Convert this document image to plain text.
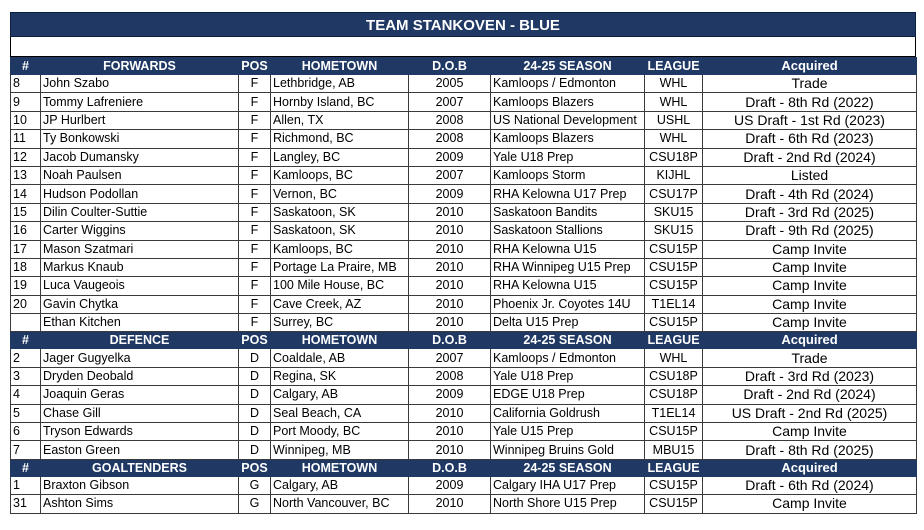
TEAM STANKOVEN - BLUE
#	FORWARDS	POS	HOMETOWN	D.O.B	24-25 SEASON	LEAGUE	Acquired
8	John Szabo	F	Lethbridge, AB	2005	Kamloops / Edmonton	WHL	Trade
9	Tommy Lafreniere	F	Hornby Island, BC	2007	Kamloops Blazers	WHL	Draft - 8th Rd (2022)
10	JP Hurlbert	F	Allen, TX	2008	US National Development	USHL	US Draft - 1st Rd (2023)
11	Ty Bonkowski	F	Richmond, BC	2008	Kamloops Blazers	WHL	Draft - 6th Rd (2023)
12	Jacob Dumansky	F	Langley, BC	2009	Yale U18 Prep	CSU18P	Draft - 2nd Rd (2024)
13	Noah Paulsen	F	Kamloops, BC	2007	Kamloops Storm	KIJHL	Listed
14	Hudson Podollan	F	Vernon, BC	2009	RHA Kelowna U17 Prep	CSU17P	Draft - 4th Rd (2024)
15	Dilin Coulter-Suttie	F	Saskatoon, SK	2010	Saskatoon Bandits	SKU15	Draft - 3rd Rd (2025)
16	Carter Wiggins	F	Saskatoon, SK	2010	Saskatoon Stallions	SKU15	Draft - 9th Rd (2025)
17	Mason Szatmari	F	Kamloops, BC	2010	RHA Kelowna U15	CSU15P	Camp Invite
18	Markus Knaub	F	Portage La Praire, MB	2010	RHA Winnipeg U15 Prep	CSU15P	Camp Invite
19	Luca Vaugeois	F	100 Mile House, BC	2010	RHA Kelowna U15	CSU15P	Camp Invite
20	Gavin Chytka	F	Cave Creek, AZ	2010	Phoenix Jr. Coyotes 14U	T1EL14	Camp Invite
	Ethan Kitchen	F	Surrey, BC	2010	Delta U15 Prep	CSU15P	Camp Invite
#	DEFENCE	POS	HOMETOWN	D.O.B	24-25 SEASON	LEAGUE	Acquired
2	Jager Gugyelka	D	Coaldale, AB	2007	Kamloops / Edmonton	WHL	Trade
3	Dryden Deobald	D	Regina, SK	2008	Yale U18 Prep	CSU18P	Draft - 3rd Rd (2023)
4	Joaquin Geras	D	Calgary, AB	2009	EDGE U18 Prep	CSU18P	Draft - 2nd Rd (2024)
5	Chase Gill	D	Seal Beach, CA	2010	California Goldrush	T1EL14	US Draft - 2nd Rd (2025)
6	Tryson Edwards	D	Port Moody, BC	2010	Yale U15 Prep	CSU15P	Camp Invite
7	Easton Green	D	Winnipeg, MB	2010	Winnipeg Bruins Gold	MBU15	Draft - 8th Rd (2025)
#	GOALTENDERS	POS	HOMETOWN	D.O.B	24-25 SEASON	LEAGUE	Acquired
1	Braxton Gibson	G	Calgary, AB	2009	Calgary IHA U17 Prep	CSU15P	Draft - 6th Rd (2024)
31	Ashton Sims	G	North Vancouver, BC	2010	North Shore U15 Prep	CSU15P	Camp Invite
